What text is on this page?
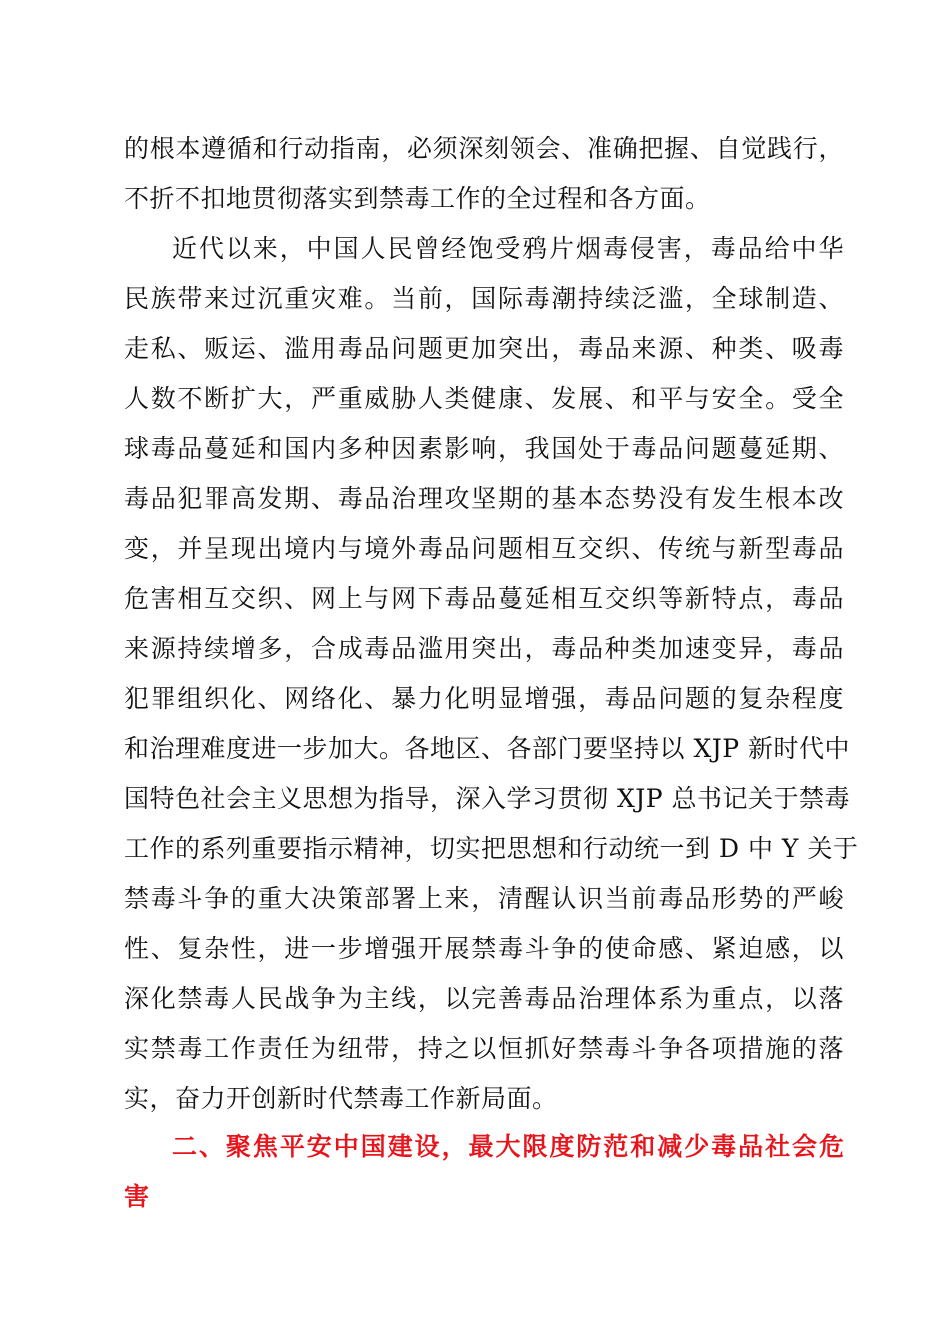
的根本遵循和行动指南，必须深刻领会、准确把握、自觉践行，
不折不扣地贯彻落实到禁毒工作的全过程和各方面。
近代以来，中国人民曾经饱受鸦片烟毒侵害，毒品给中华
民族带来过沉重灾难。当前，国际毒潮持续泛滥，全球制造、
走私、贩运、滥用毒品问题更加突出，毒品来源、种类、吸毒
人数不断扩大，严重威胁人类健康、发展、和平与安全。受全
球毒品蔓延和国内多种因素影响，我国处于毒品问题蔓延期、
毒品犯罪高发期、毒品治理攻坚期的基本态势没有发生根本改
变，并呈现出境内与境外毒品问题相互交织、传统与新型毒品
危害相互交织、网上与网下毒品蔓延相互交织等新特点，毒品
来源持续增多，合成毒品滥用突出，毒品种类加速变异，毒品
犯罪组织化、网络化、暴力化明显增强，毒品问题的复杂程度
和治理难度进一步加大。各地区、各部门要坚持以 XJP 新时代中
国特色社会主义思想为指导，深入学习贯彻 XJP 总书记关于禁毒
工作的系列重要指示精神，切实把思想和行动统一到 D 中 Y 关于
禁毒斗争的重大决策部署上来，清醒认识当前毒品形势的严峻
性、复杂性，进一步增强开展禁毒斗争的使命感、紧迫感，以
深化禁毒人民战争为主线，以完善毒品治理体系为重点，以落
实禁毒工作责任为纽带，持之以恒抓好禁毒斗争各项措施的落
实，奋力开创新时代禁毒工作新局面。
二、聚焦平安中国建设，最大限度防范和减少毒品社会危
害
